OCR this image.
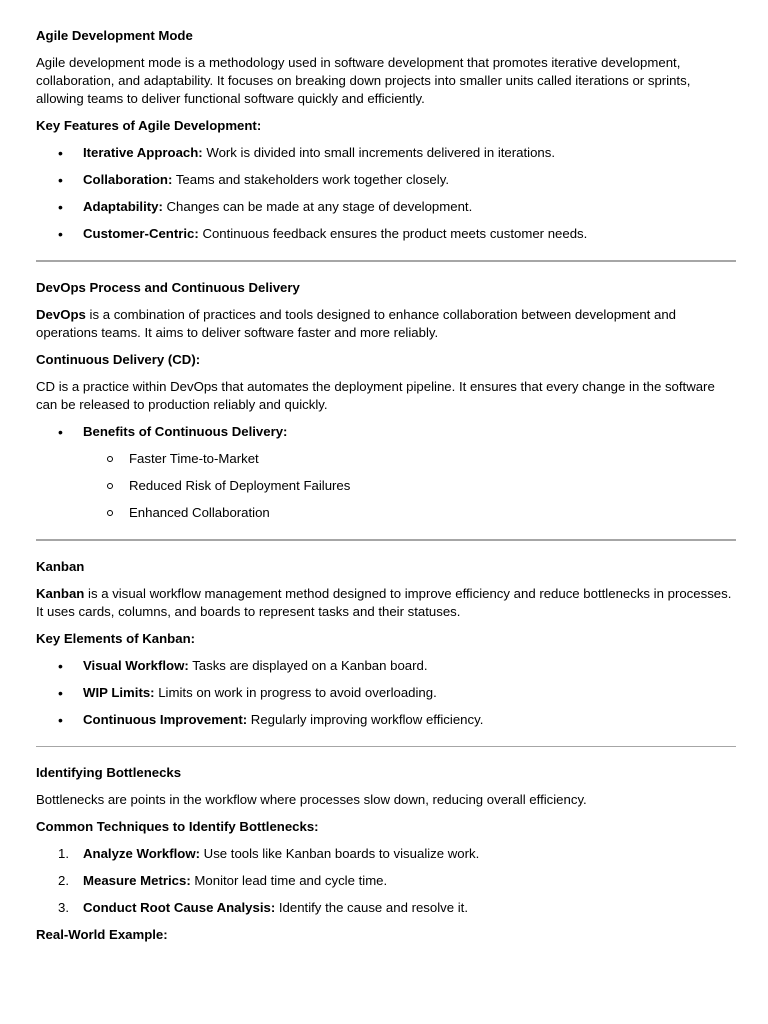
Agile Development Mode

Agile development mode is a methodology used in software development that promotes iterative development, collaboration, and adaptability. It focuses on breaking down projects into smaller units called iterations or sprints, allowing teams to deliver functional software quickly and efficiently.

Key Features of Agile Development:
• Iterative Approach: Work is divided into small increments delivered in iterations.
• Collaboration: Teams and stakeholders work together closely.
• Adaptability: Changes can be made at any stage of development.
• Customer-Centric: Continuous feedback ensures the product meets customer needs.
DevOps Process and Continuous Delivery

DevOps is a combination of practices and tools designed to enhance collaboration between development and operations teams. It aims to deliver software faster and more reliably.

Continuous Delivery (CD):

CD is a practice within DevOps that automates the deployment pipeline. It ensures that every change in the software can be released to production reliably and quickly.

• Benefits of Continuous Delivery:
Faster Time-to-Market
Reduced Risk of Deployment Failures
Enhanced Collaboration
Kanban

Kanban is a visual workflow management method designed to improve efficiency and reduce bottlenecks in processes. It uses cards, columns, and boards to represent tasks and their statuses.

Key Elements of Kanban:
• Visual Workflow: Tasks are displayed on a Kanban board.
• WIP Limits: Limits on work in progress to avoid overloading.
• Continuous Improvement: Regularly improving workflow efficiency.
Identifying Bottlenecks

Bottlenecks are points in the workflow where processes slow down, reducing overall efficiency.

Common Techniques to Identify Bottlenecks:
1. Analyze Workflow: Use tools like Kanban boards to visualize work.
2. Measure Metrics: Monitor lead time and cycle time.
3. Conduct Root Cause Analysis: Identify the cause and resolve it.
Real-World Example:
